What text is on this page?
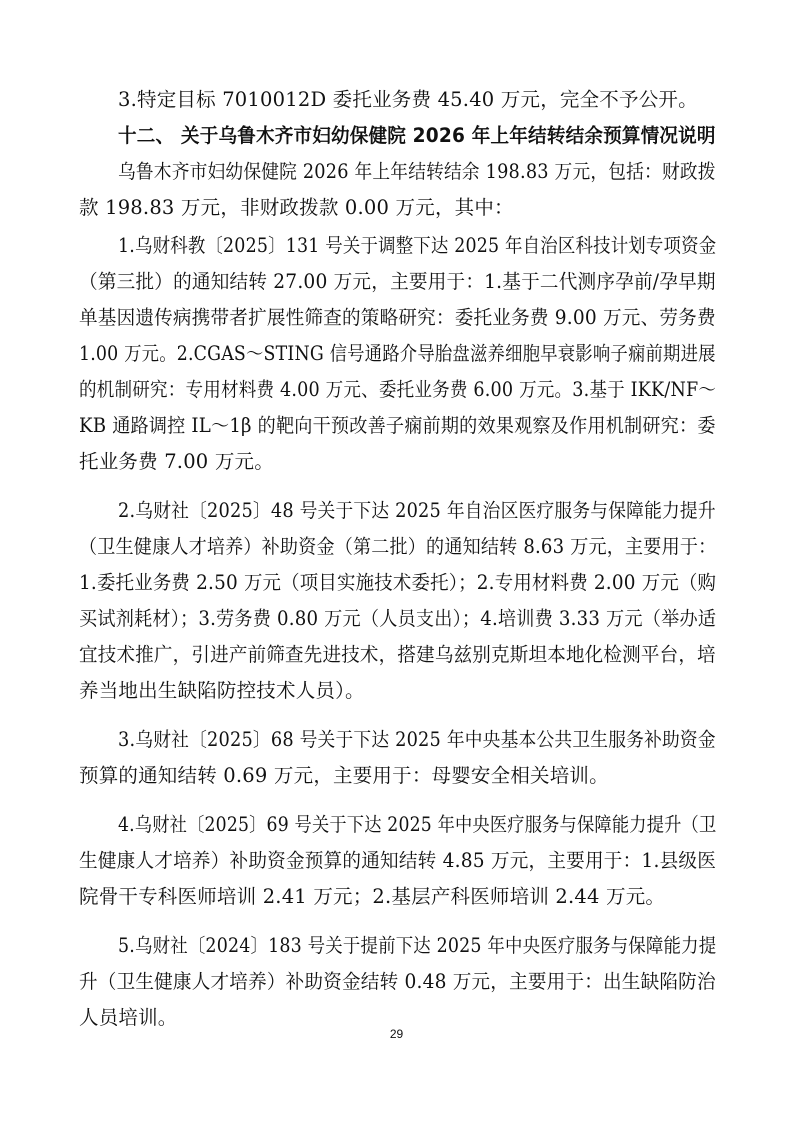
3.特定目标 7010012D 委托业务费 45.40 万元，完全不予公开。
十二、 关于乌鲁木齐市妇幼保健院 2026 年上年结转结余预算情况说明
乌鲁木齐市妇幼保健院 2026 年上年结转结余 198.83 万元，包括：财政拨
款 198.83 万元，非财政拨款 0.00 万元，其中：
1.乌财科教〔2025〕131 号关于调整下达 2025 年自治区科技计划专项资金
（第三批）的通知结转 27.00 万元，主要用于：1.基于二代测序孕前/孕早期
单基因遗传病携带者扩展性筛查的策略研究：委托业务费 9.00 万元、劳务费
1.00 万元。2.CGAS～STING 信号通路介导胎盘滋养细胞早衰影响子痫前期进展
的机制研究：专用材料费 4.00 万元、委托业务费 6.00 万元。3.基于 IKK/NF～
KB 通路调控 IL～1β 的靶向干预改善子痫前期的效果观察及作用机制研究：委
托业务费 7.00 万元。
2.乌财社〔2025〕48 号关于下达 2025 年自治区医疗服务与保障能力提升
（卫生健康人才培养）补助资金（第二批）的通知结转 8.63 万元，主要用于：
1.委托业务费 2.50 万元（项目实施技术委托）；2.专用材料费 2.00 万元（购
买试剂耗材）；3.劳务费 0.80 万元（人员支出）；4.培训费 3.33 万元（举办适
宜技术推广，引进产前筛查先进技术，搭建乌兹别克斯坦本地化检测平台，培
养当地出生缺陷防控技术人员）。
3.乌财社〔2025〕68 号关于下达 2025 年中央基本公共卫生服务补助资金
预算的通知结转 0.69 万元，主要用于：母婴安全相关培训。
4.乌财社〔2025〕69 号关于下达 2025 年中央医疗服务与保障能力提升（卫
生健康人才培养）补助资金预算的通知结转 4.85 万元，主要用于：1.县级医
院骨干专科医师培训 2.41 万元；2.基层产科医师培训 2.44 万元。
5.乌财社〔2024〕183 号关于提前下达 2025 年中央医疗服务与保障能力提
升（卫生健康人才培养）补助资金结转 0.48 万元，主要用于：出生缺陷防治
人员培训。
29
